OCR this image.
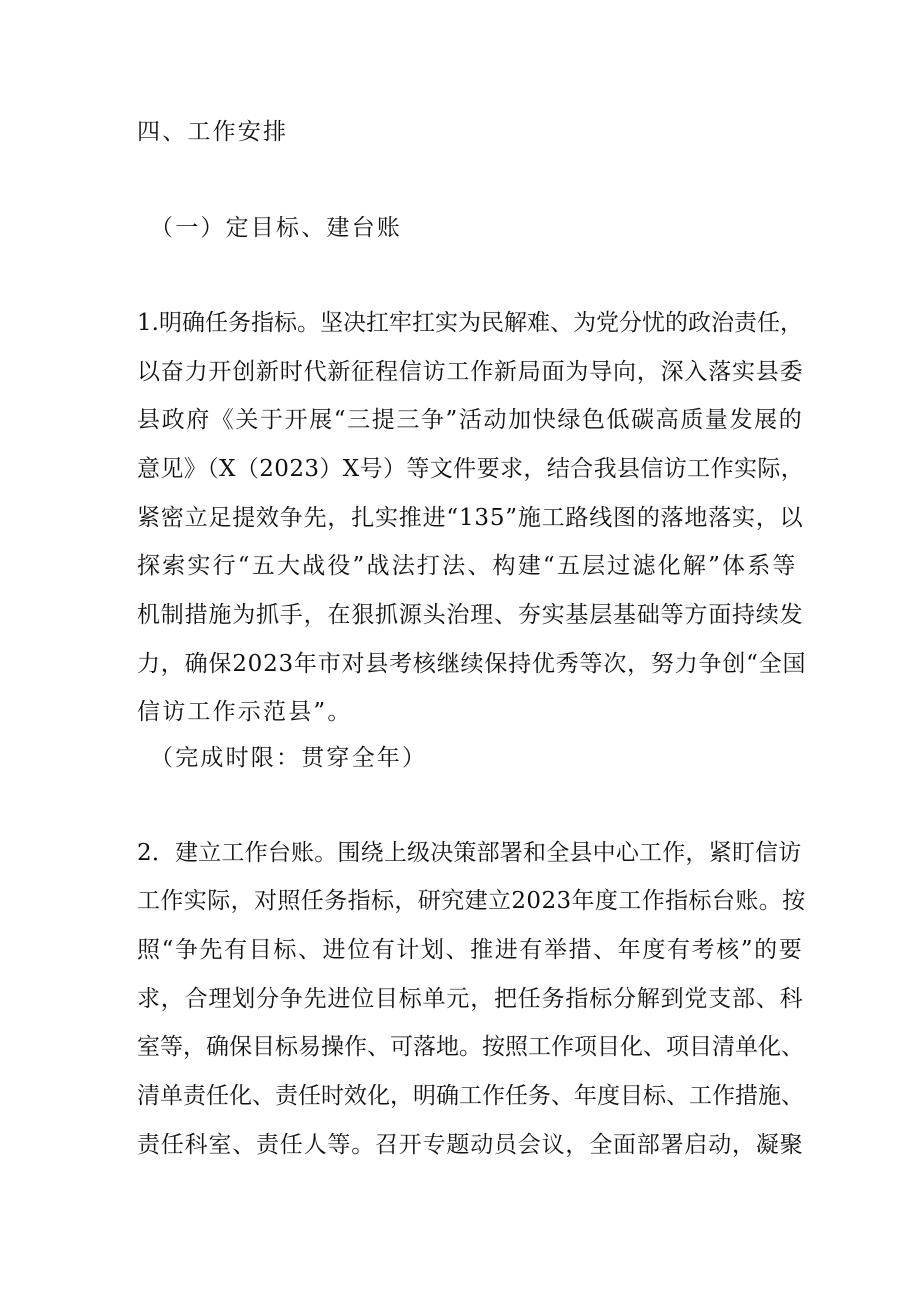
四、工作安排

（一）定目标、建台账

1.明确任务指标。坚决扛牢扛实为民解难、为党分忧的政治责任，

以奋力开创新时代新征程信访工作新局面为导向，深入落实县委

县政府《关于开展“三提三争”活动加快绿色低碳高质量发展的

意见》（X（2023）X号）等文件要求，结合我县信访工作实际，

紧密立足提效争先，扎实推进“135”施工路线图的落地落实，以

探索实行“五大战役”战法打法、构建“五层过滤化解”体系等

机制措施为抓手，在狠抓源头治理、夯实基层基础等方面持续发

力，确保2023年市对县考核继续保持优秀等次，努力争创“全国

信访工作示范县”。

（完成时限：贯穿全年）

2．建立工作台账。围绕上级决策部署和全县中心工作，紧盯信访

工作实际，对照任务指标，研究建立2023年度工作指标台账。按

照“争先有目标、进位有计划、推进有举措、年度有考核”的要

求，合理划分争先进位目标单元，把任务指标分解到党支部、科

室等，确保目标易操作、可落地。按照工作项目化、项目清单化、

清单责任化、责任时效化，明确工作任务、年度目标、工作措施、

责任科室、责任人等。召开专题动员会议，全面部署启动，凝聚
